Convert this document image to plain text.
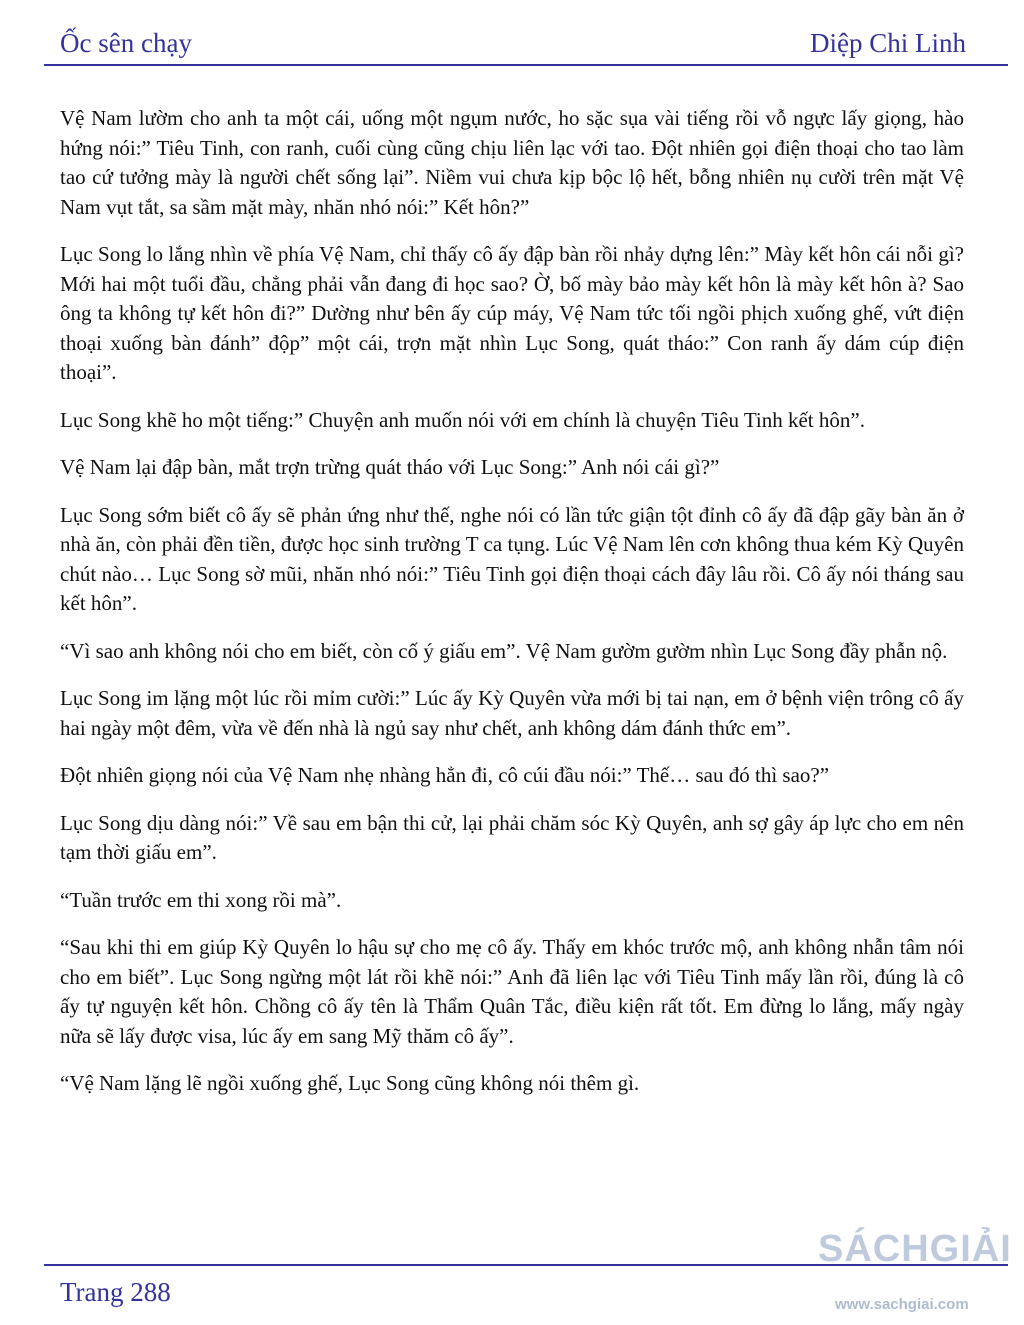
Ốc sên chạy	Diệp Chi Linh

Vệ Nam lườm cho anh ta một cái, uống một ngụm nước, ho sặc sụa vài tiếng rồi vỗ ngực lấy giọng, hào hứng nói:” Tiêu Tinh, con ranh, cuối cùng cũng chịu liên lạc với tao. Đột nhiên gọi điện thoại cho tao làm tao cứ tưởng mày là người chết sống lại”. Niềm vui chưa kịp bộc lộ hết, bỗng nhiên nụ cười trên mặt Vệ Nam vụt tắt, sa sầm mặt mày, nhăn nhó nói:” Kết hôn?”

Lục Song lo lắng nhìn về phía Vệ Nam, chỉ thấy cô ấy đập bàn rồi nhảy dựng lên:” Mày kết hôn cái nỗi gì? Mới hai một tuổi đầu, chẳng phải vẫn đang đi học sao? Ờ, bố mày bảo mày kết hôn là mày kết hôn à? Sao ông ta không tự kết hôn đi?” Dường như bên ấy cúp máy, Vệ Nam tức tối ngồi phịch xuống ghế, vứt điện thoại xuống bàn đánh” độp” một cái, trợn mặt nhìn Lục Song, quát tháo:” Con ranh ấy dám cúp điện thoại”.

Lục Song khẽ ho một tiếng:” Chuyện anh muốn nói với em chính là chuyện Tiêu Tinh kết hôn”.

Vệ Nam lại đập bàn, mắt trợn trừng quát tháo với Lục Song:” Anh nói cái gì?”

Lục Song sớm biết cô ấy sẽ phản ứng như thế, nghe nói có lần tức giận tột đỉnh cô ấy đã đập gãy bàn ăn ở nhà ăn, còn phải đền tiền, được học sinh trường T ca tụng. Lúc Vệ Nam lên cơn không thua kém Kỳ Quyên chút nào… Lục Song sờ mũi, nhăn nhó nói:” Tiêu Tinh gọi điện thoại cách đây lâu rồi. Cô ấy nói tháng sau kết hôn”.

“Vì sao anh không nói cho em biết, còn cố ý giấu em”. Vệ Nam gườm gườm nhìn Lục Song đầy phẫn nộ.

Lục Song im lặng một lúc rồi mỉm cười:” Lúc ấy Kỳ Quyên vừa mới bị tai nạn, em ở bệnh viện trông cô ấy hai ngày một đêm, vừa về đến nhà là ngủ say như chết, anh không dám đánh thức em”.

Đột nhiên giọng nói của Vệ Nam nhẹ nhàng hẳn đi, cô cúi đầu nói:” Thế… sau đó thì sao?”

Lục Song dịu dàng nói:” Về sau em bận thi cử, lại phải chăm sóc Kỳ Quyên, anh sợ gây áp lực cho em nên tạm thời giấu em”.

“Tuần trước em thi xong rồi mà”.

“Sau khi thi em giúp Kỳ Quyên lo hậu sự cho mẹ cô ấy. Thấy em khóc trước mộ, anh không nhẫn tâm nói cho em biết”. Lục Song ngừng một lát rồi khẽ nói:” Anh đã liên lạc với Tiêu Tinh mấy lần rồi, đúng là cô ấy tự nguyện kết hôn. Chồng cô ấy tên là Thẩm Quân Tắc, điều kiện rất tốt. Em đừng lo lắng, mấy ngày nữa sẽ lấy được visa, lúc ấy em sang Mỹ thăm cô ấy”.

“Vệ Nam lặng lẽ ngồi xuống ghế, Lục Song cũng không nói thêm gì.

Trang 288
SÁCHGIẢI
www.sachgiai.com
